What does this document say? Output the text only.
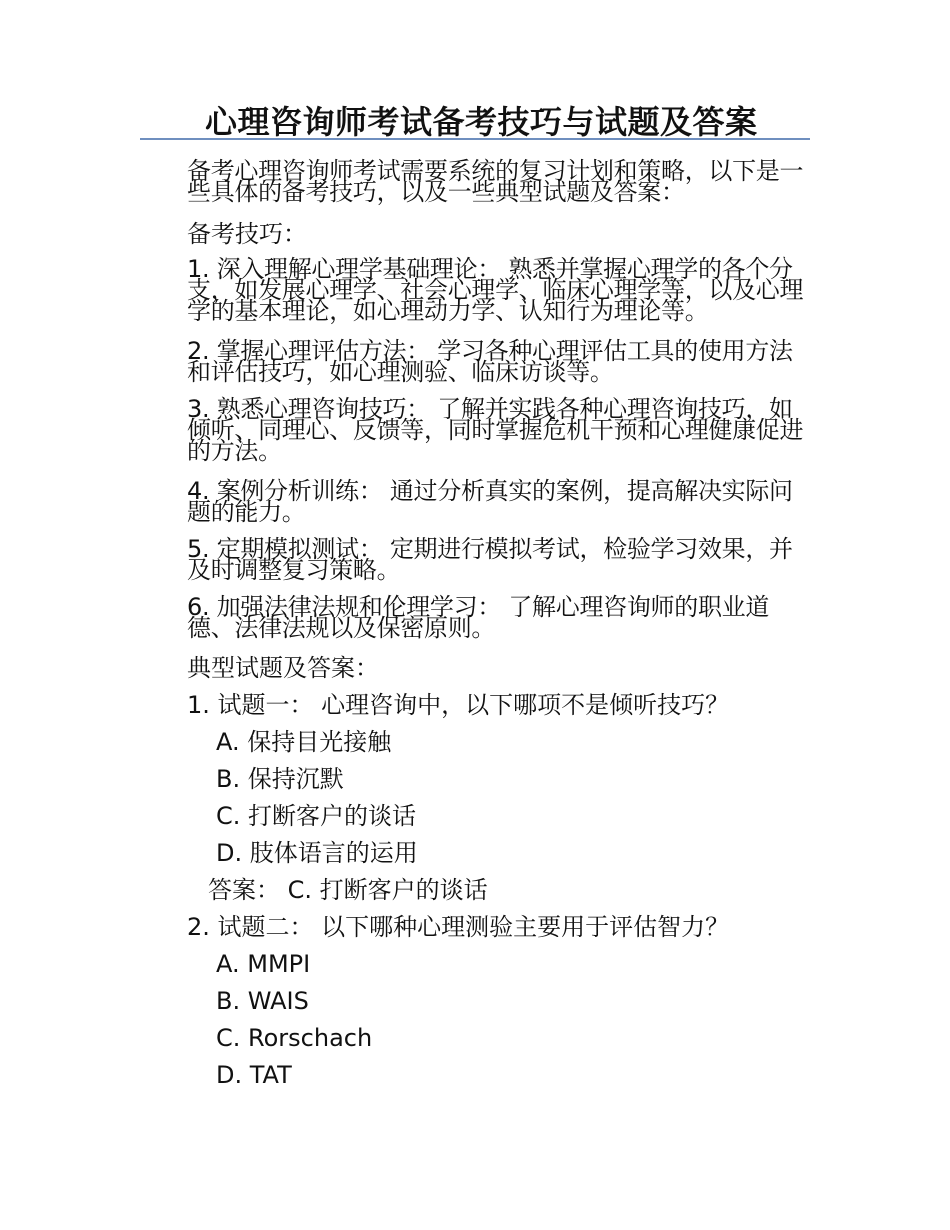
心理咨询师考试备考技巧与试题及答案
备考心理咨询师考试需要系统的复习计划和策略，以下是一些具体的备考技巧，以及一些典型试题及答案：
备考技巧：
1. 深入理解心理学基础理论： 熟悉并掌握心理学的各个分支，如发展心理学、社会心理学、临床心理学等，以及心理学的基本理论，如心理动力学、认知行为理论等。
2. 掌握心理评估方法： 学习各种心理评估工具的使用方法和评估技巧，如心理测验、临床访谈等。
3. 熟悉心理咨询技巧： 了解并实践各种心理咨询技巧，如倾听、同理心、反馈等，同时掌握危机干预和心理健康促进的方法。
4. 案例分析训练： 通过分析真实的案例，提高解决实际问题的能力。
5. 定期模拟测试： 定期进行模拟考试，检验学习效果，并及时调整复习策略。
6. 加强法律法规和伦理学习： 了解心理咨询师的职业道德、法律法规以及保密原则。
典型试题及答案：
1. 试题一： 心理咨询中，以下哪项不是倾听技巧？
A. 保持目光接触
B. 保持沉默
C. 打断客户的谈话
D. 肢体语言的运用
答案： C. 打断客户的谈话
2. 试题二： 以下哪种心理测验主要用于评估智力？
A. MMPI
B. WAIS
C. Rorschach
D. TAT
